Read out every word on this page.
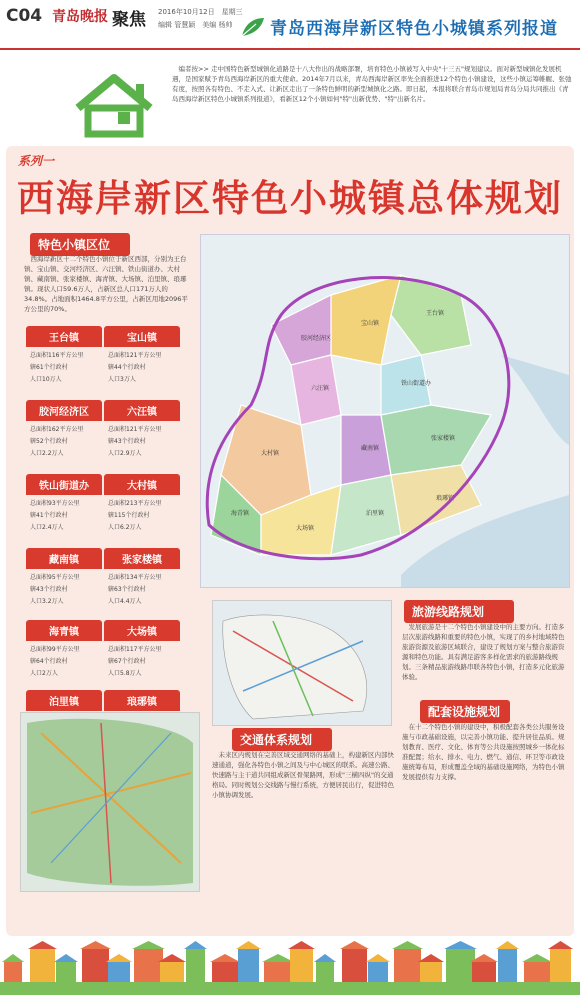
C04 青岛晚报 聚焦 2016年10月12日　星期三
编辑 管慧颖　美编 杨帅 青岛西海岸新区特色小城镇系列报道

编者按>> 走中国特色新型城镇化道路是十八大作出的战略部署，培育特色小镇被写入中央"十三五"规划建议。面对新型城镇化发展机遇，是国家赋予青岛西海岸新区的重大使命。2014年7月以来，青岛西海岸新区率先全面推进12个特色小镇建设，这些小镇运筹帷幄、张弛有度，按照各有特色、不走入式、让新区走出了一条特色鲜明的新型城镇化之路。即日起，本报将联合青岛市规划局青岛分局共同推出《青岛西海岸新区特色小城镇系列报道》，看新区12个小镇如何"特"出新优势、"特"出新名片。

系列一
西海岸新区特色小城镇总体规划
特色小镇区位
西海岸新区十二个特色小镇位于新区西部，分别为王台镇、宝山镇、交河经济区、六汪镇、铁山街道办、大村镇、藏南镇、张家楼镇、海青镇、大场镇、泊里镇、琅琊镇。现状人口59.6万人，占新区总人口171万人的34.8%。占地面积1464.8平方公里，占新区用地2096平方公里的70%。
王台镇
总面积116平方公里
辖61个行政村
人口10万人
宝山镇
总面积121平方公里
辖44个行政村
人口3万人
胶河经济区
总面积162平方公里
辖52个行政村
人口2.2万人
六汪镇
总面积121平方公里
辖43个行政村
人口2.9万人
铁山街道办
总面积93平方公里
辖41个行政村
人口2.4万人
大村镇
总面积213平方公里
辖115个行政村
人口6.2万人
藏南镇
总面积95平方公里
辖43个行政村
人口3.2万人
张家楼镇
总面积134平方公里
辖63个行政村
人口4.4万人
海青镇
总面积99平方公里
辖64个行政村
人口2万人
大场镇
总面积117平方公里
辖67个行政村
人口5.8万人
泊里镇	琅琊镇
王台镇
宝山镇
胶河经济区
六汪镇
铁山街道办
大村镇
藏南镇
张家楼镇
海青镇
大场镇
泊里镇
琅琊镇
旅游线路规划
发展旅游是十二个特色小镇建设中的主要方向。打造多层次旅游线路和重要的特色小镇，实现了的乡村地域特色旅游资源及旅游区域联合，建设了规划方案与整合旅游资源和特色功能。具有满足游客多样化需求的旅游路线规划。三条精品旅游线路串联各特色小镇，打造多元化旅游体验。
配套设施规划
在十二个特色小镇的建设中，积极配套各类公共服务设施与市政基础设施，以完善小镇功能、提升居住品质。规划教育、医疗、文化、体育等公共设施按照城乡一体化标准配置；给水、排水、电力、燃气、通信、环卫等市政设施统筹布局，形成覆盖全域的基础设施网络，为特色小镇发展提供有力支撑。
交通体系规划
未来区内规划在完善区域交通网络的基础上，构建新区内部快速通道，强化各特色小镇之间及与中心城区的联系。高速公路、快速路与主干道共同组成新区骨架路网，形成"三横四纵"的交通格局。同时规划公交线路与慢行系统，方便居民出行，促进特色小镇协调发展。
